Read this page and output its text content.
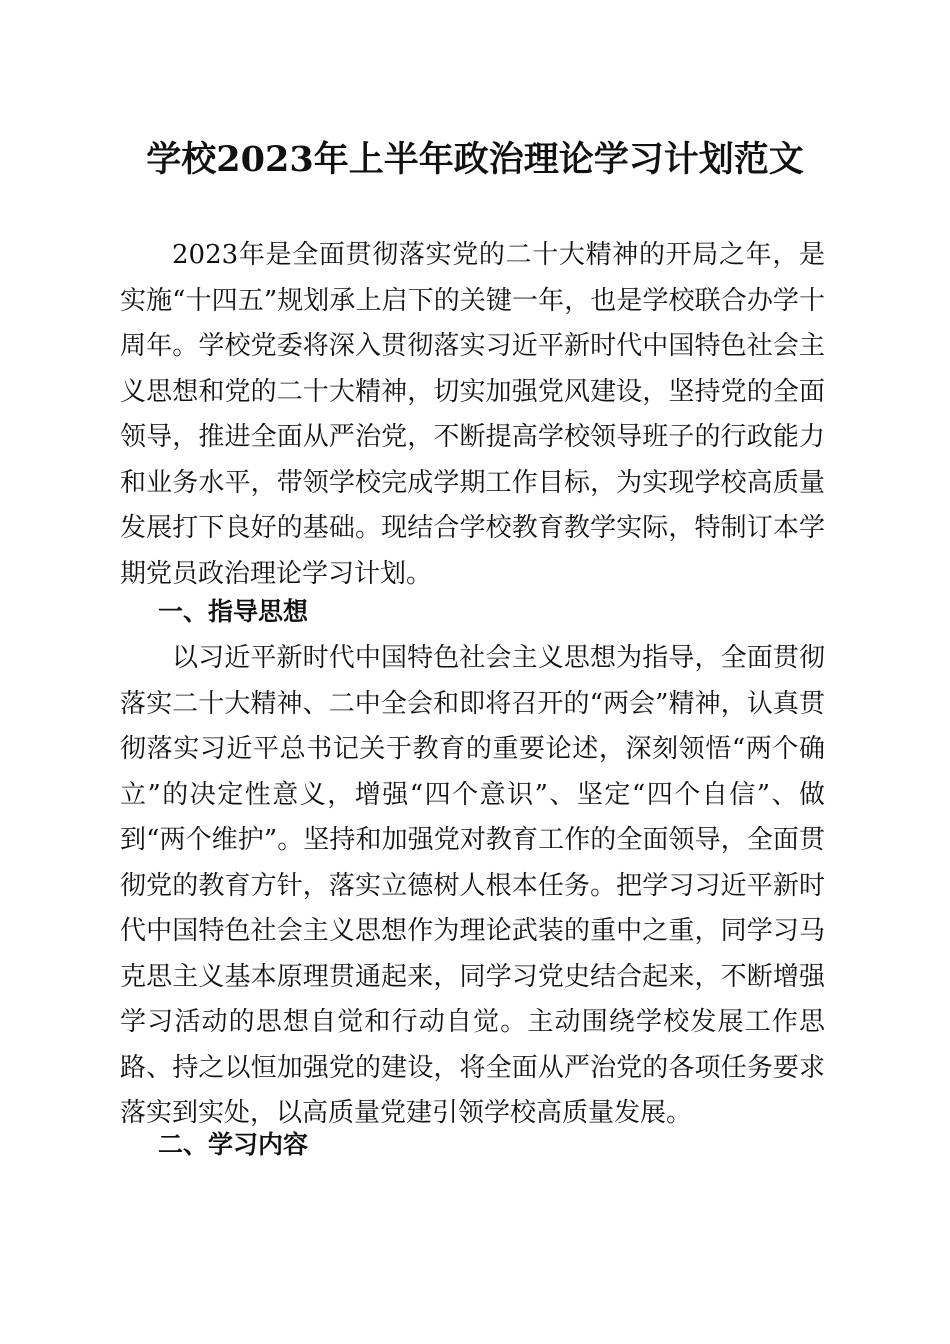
学校2023年上半年政治理论学习计划范文

2023年是全面贯彻落实党的二十大精神的开局之年，是实施“十四五”规划承上启下的关键一年，也是学校联合办学十周年。学校党委将深入贯彻落实习近平新时代中国特色社会主义思想和党的二十大精神，切实加强党风建设，坚持党的全面领导，推进全面从严治党，不断提高学校领导班子的行政能力和业务水平，带领学校完成学期工作目标，为实现学校高质量发展打下良好的基础。现结合学校教育教学实际，特制订本学期党员政治理论学习计划。

一、指导思想

以习近平新时代中国特色社会主义思想为指导，全面贯彻落实二十大精神、二中全会和即将召开的“两会”精神，认真贯彻落实习近平总书记关于教育的重要论述，深刻领悟“两个确立”的决定性意义，增强“四个意识”、坚定“四个自信”、做到“两个维护”。坚持和加强党对教育工作的全面领导，全面贯彻党的教育方针，落实立德树人根本任务。把学习习近平新时代中国特色社会主义思想作为理论武装的重中之重，同学习马克思主义基本原理贯通起来，同学习党史结合起来，不断增强学习活动的思想自觉和行动自觉。主动围绕学校发展工作思路、持之以恒加强党的建设，将全面从严治党的各项任务要求落实到实处，以高质量党建引领学校高质量发展。

二、学习内容
